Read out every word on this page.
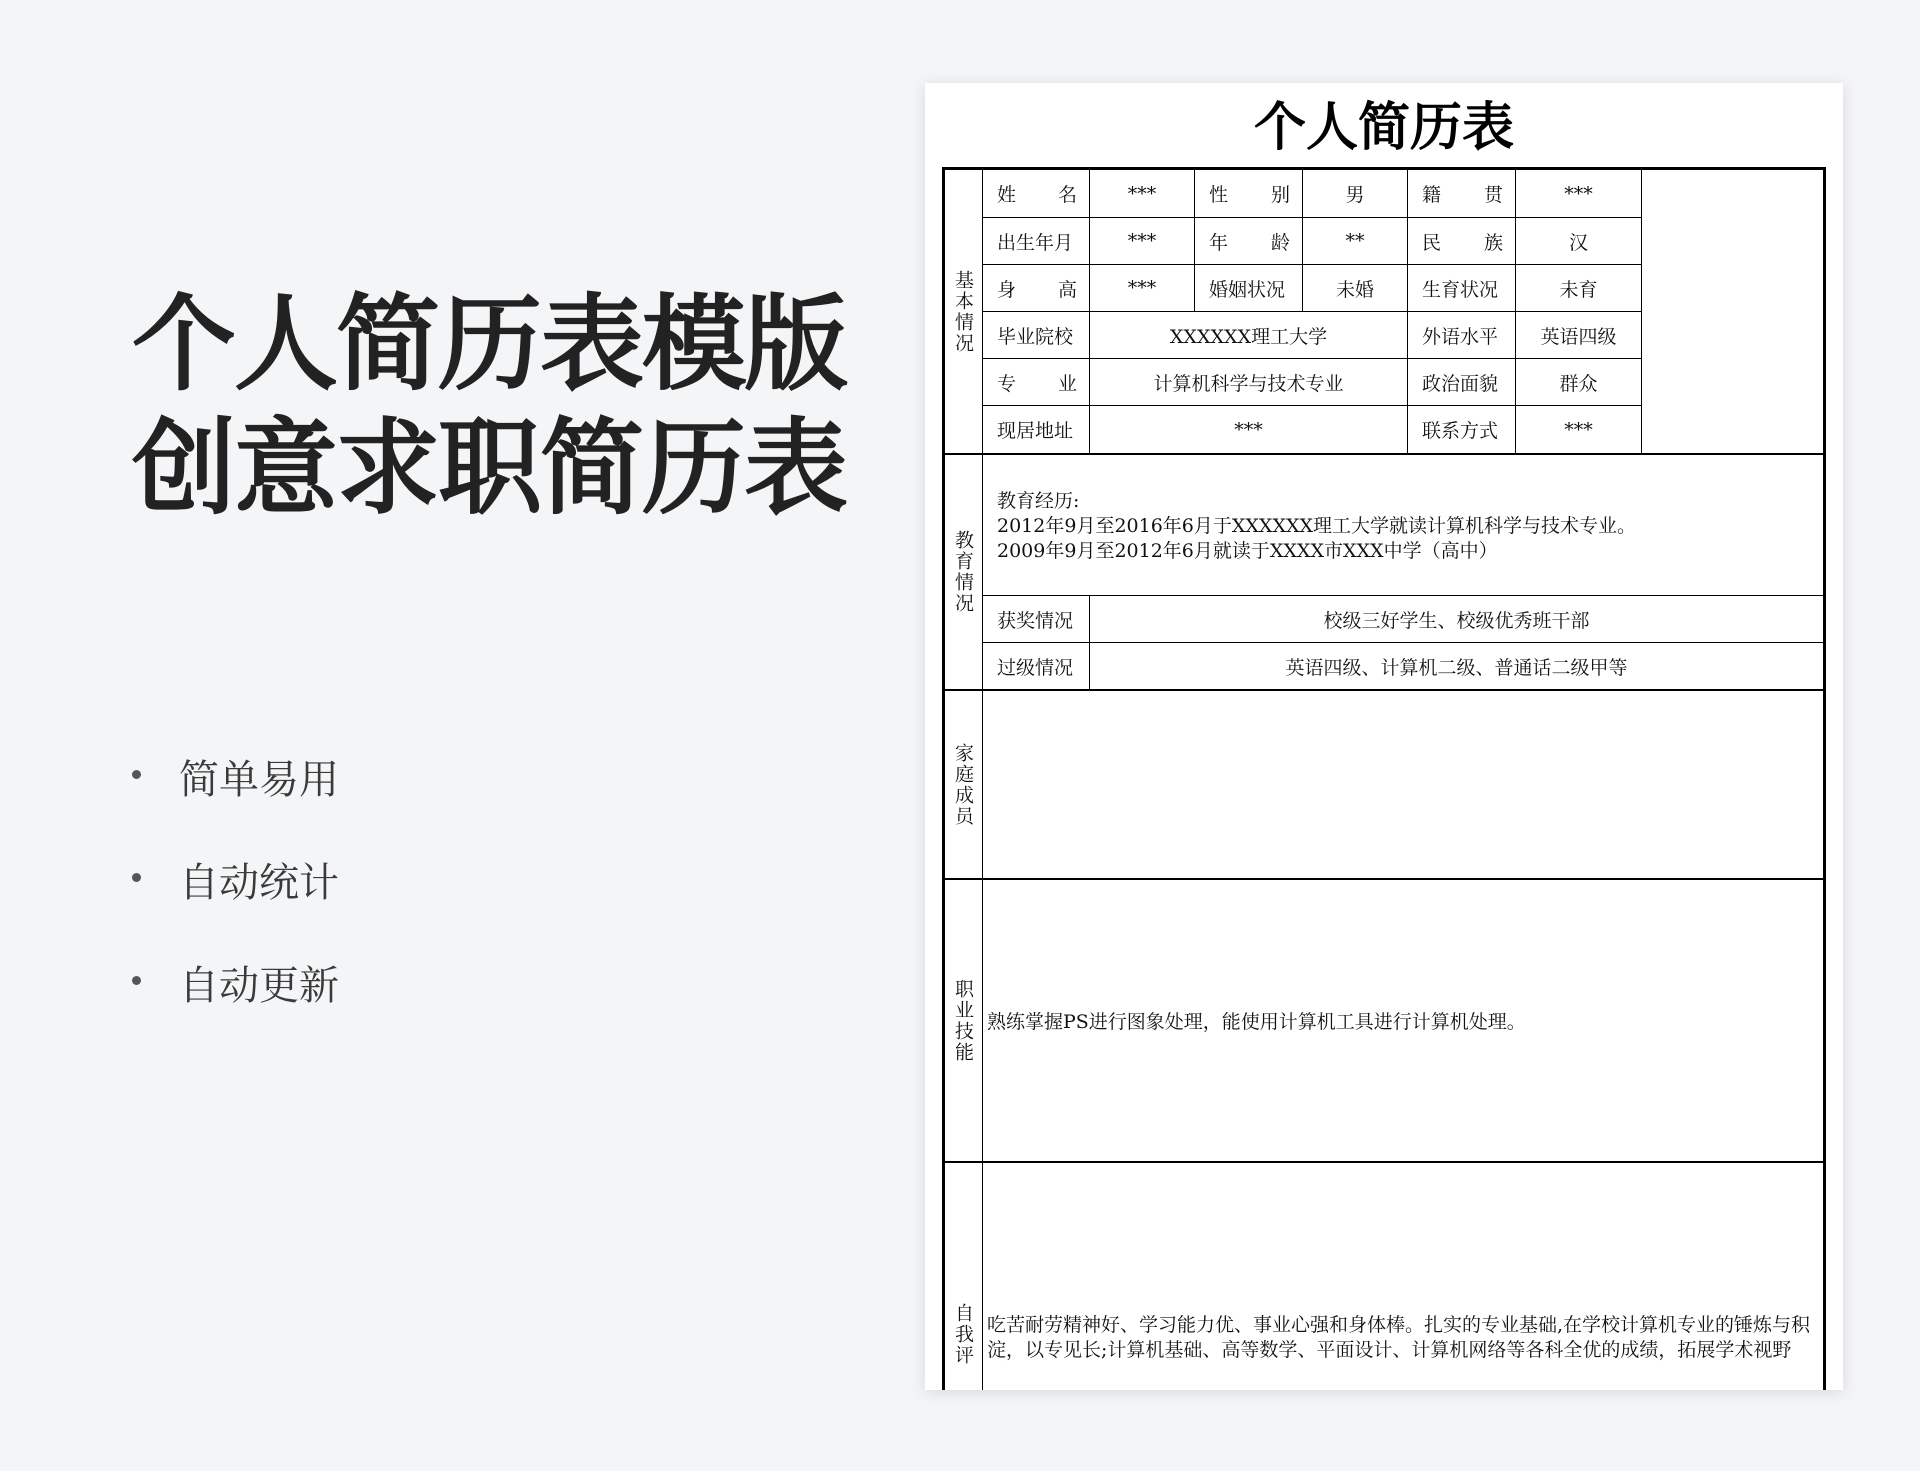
个人简历表模版
创意求职简历表
简单易用
自动统计
自动更新
个人简历表
基本情况
姓 名	***	性 别	男	籍 贯	***
出生年月	***	年 龄	**	民 族	汉
身 高	***	婚姻状况	未婚	生育状况	未育
毕业院校	XXXXXX理工大学	外语水平	英语四级
专 业	计算机科学与技术专业	政治面貌	群众
现居地址	***	联系方式	***
教育情况
教育经历:
2012年9月至2016年6月于XXXXXX理工大学就读计算机科学与技术专业。
2009年9月至2012年6月就读于XXXX市XXX中学（高中）
获奖情况	校级三好学生、校级优秀班干部
过级情况	英语四级、计算机二级、普通话二级甲等
家庭成员
职业技能 熟练掌握PS进行图象处理，能使用计算机工具进行计算机处理。
自我评 吃苦耐劳精神好、学习能力优、事业心强和身体棒。扎实的专业基础,在学校计算机专业的锤炼与积淀，以专见长;计算机基础、高等数学、平面设计、计算机网络等各科全优的成绩，拓展学术视野
